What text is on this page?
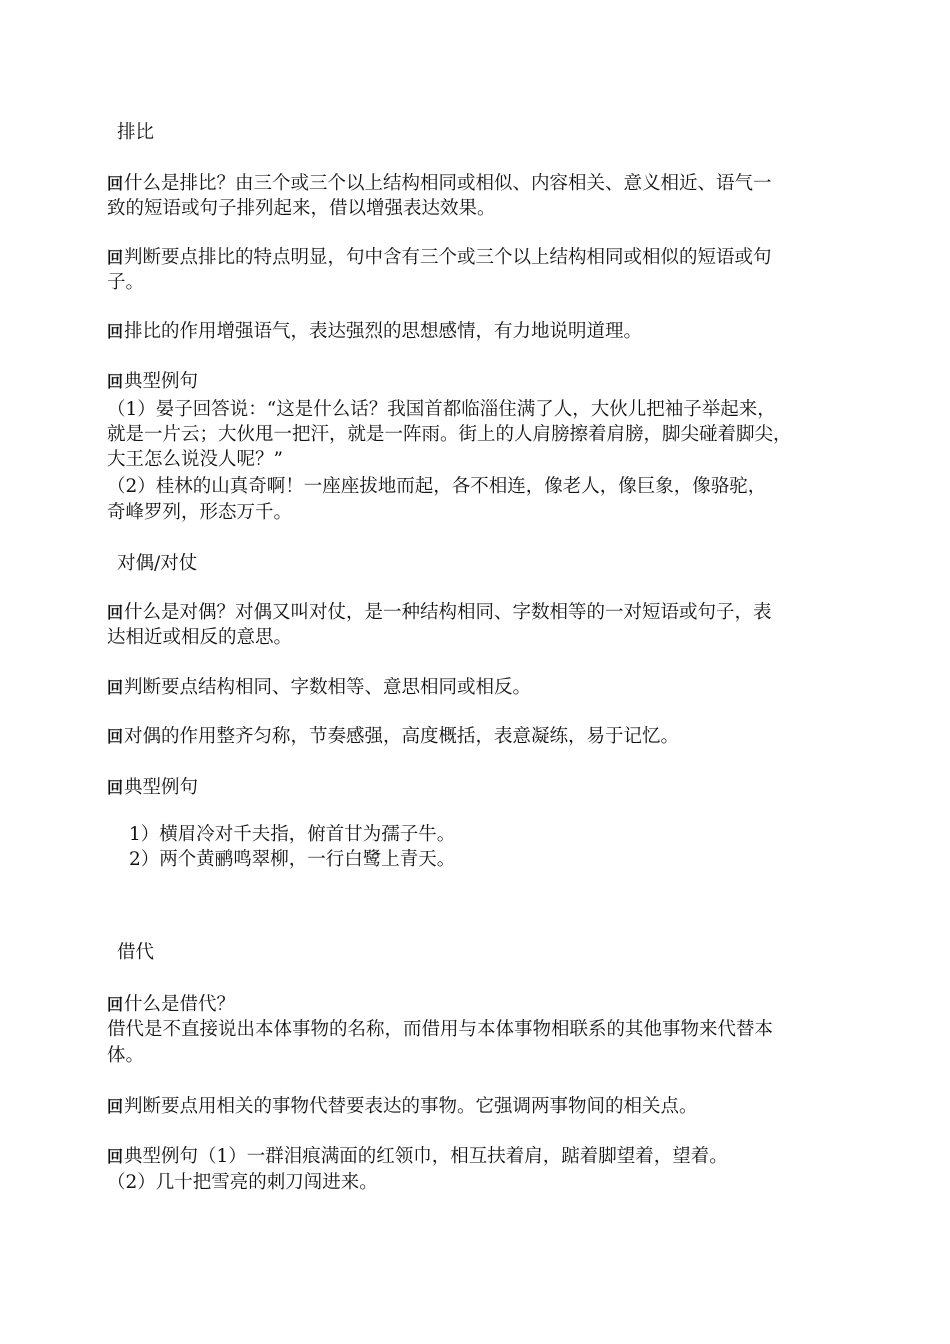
排比
回什么是排比？由三个或三个以上结构相同或相似、内容相关、意义相近、语气一
致的短语或句子排列起来，借以增强表达效果。
回判断要点排比的特点明显，句中含有三个或三个以上结构相同或相似的短语或句
子。
回排比的作用增强语气，表达强烈的思想感情，有力地说明道理。
回典型例句
（1）晏子回答说：“这是什么话？我国首都临淄住满了人，大伙儿把袖子举起来，
就是一片云；大伙甩一把汗，就是一阵雨。街上的人肩膀擦着肩膀，脚尖碰着脚尖，
大王怎么说没人呢？”
（2）桂林的山真奇啊！一座座拔地而起，各不相连，像老人，像巨象，像骆驼，
奇峰罗列，形态万千。
对偶/对仗
回什么是对偶？对偶又叫对仗，是一种结构相同、字数相等的一对短语或句子，表
达相近或相反的意思。
回判断要点结构相同、字数相等、意思相同或相反。
回对偶的作用整齐匀称，节奏感强，高度概括，表意凝练，易于记忆。
回典型例句
1）横眉冷对千夫指，俯首甘为孺子牛。
2）两个黄鹂鸣翠柳，一行白鹭上青天。
借代
回什么是借代？
借代是不直接说出本体事物的名称，而借用与本体事物相联系的其他事物来代替本
体。
回判断要点用相关的事物代替要表达的事物。它强调两事物间的相关点。
回典型例句（1）一群泪痕满面的红领巾，相互扶着肩，踮着脚望着，望着。
（2）几十把雪亮的刺刀闯进来。
